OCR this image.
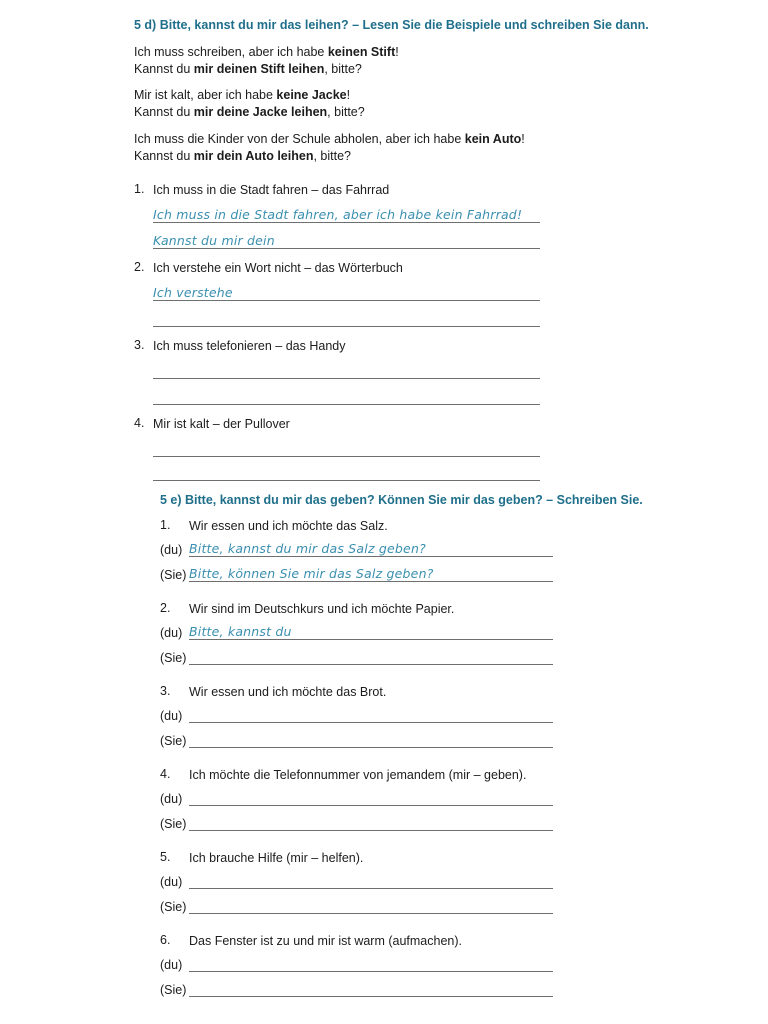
5 d) Bitte, kannst du mir das leihen? – Lesen Sie die Beispiele und schreiben Sie dann.
Ich muss schreiben, aber ich habe keinen Stift!
Kannst du mir deinen Stift leihen, bitte?
Mir ist kalt, aber ich habe keine Jacke!
Kannst du mir deine Jacke leihen, bitte?
Ich muss die Kinder von der Schule abholen, aber ich habe kein Auto!
Kannst du mir dein Auto leihen, bitte?
1. Ich muss in die Stadt fahren – das Fahrrad
Ich muss in die Stadt fahren, aber ich habe kein Fahrrad!
Kannst du mir dein
2. Ich verstehe ein Wort nicht – das Wörterbuch
Ich verstehe
3. Ich muss telefonieren – das Handy
4. Mir ist kalt – der Pullover
5 e) Bitte, kannst du mir das geben? Können Sie mir das geben? – Schreiben Sie.
1. Wir essen und ich möchte das Salz.
(du) Bitte, kannst du mir das Salz geben?
(Sie) Bitte, können Sie mir das Salz geben?
2. Wir sind im Deutschkurs und ich möchte Papier.
(du) Bitte, kannst du
(Sie)
3. Wir essen und ich möchte das Brot.
(du)
(Sie)
4. Ich möchte die Telefonnummer von jemandem (mir – geben).
(du)
(Sie)
5. Ich brauche Hilfe (mir – helfen).
(du)
(Sie)
6. Das Fenster ist zu und mir ist warm (aufmachen).
(du)
(Sie)
